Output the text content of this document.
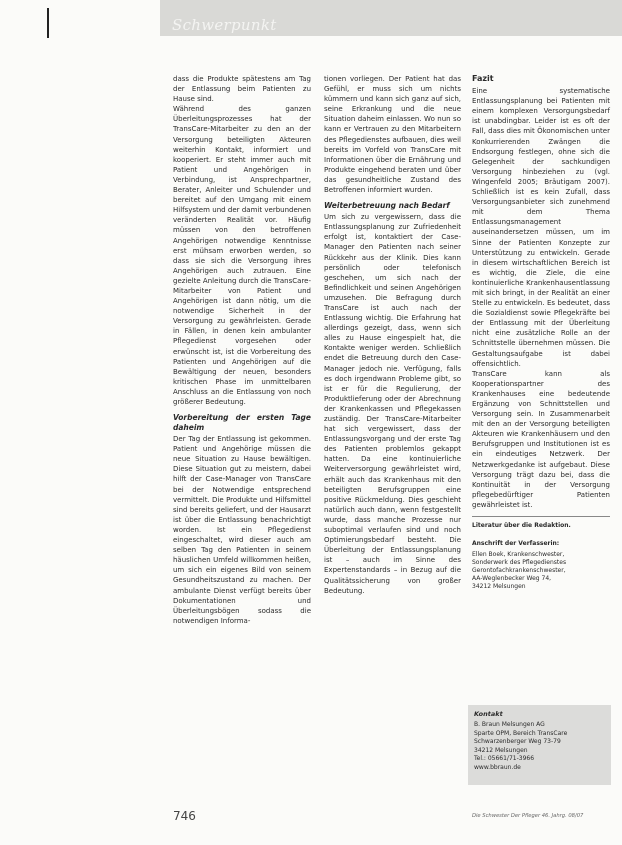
Schwerpunkt

dass die Produkte spätestens am Tag der Entlassung beim Patienten zu Hause sind.

Während des ganzen Überleitungsprozesses hat der TransCare-Mitarbeiter zu den an der Versorgung beteiligten Akteuren weiterhin Kontakt, informiert und kooperiert. Er steht immer auch mit Patient und Angehörigen in Verbindung, ist Ansprechpartner, Berater, Anleiter und Schulender und bereitet auf den Umgang mit einem Hilfsystem und der damit verbundenen veränderten Realität vor. Häufig müssen von den betroffenen Angehörigen notwendige Kenntnisse erst mühsam erworben werden, so dass sie sich die Versorgung ihres Angehörigen auch zutrauen. Eine gezielte Anleitung durch die TransCare-Mitarbeiter von Patient und Angehörigen ist dann nötig, um die notwendige Sicherheit in der Versorgung zu gewährleisten. Gerade in Fällen, in denen kein ambulanter Pflegedienst vorgesehen oder erwünscht ist, ist die Vorbereitung des Patienten und Angehörigen auf die Bewältigung der neuen, besonders kritischen Phase im unmittelbaren Anschluss an die Entlassung von noch größerer Bedeutung.

Vorbereitung der ersten Tage daheim

Der Tag der Entlassung ist gekommen. Patient und Angehörige müssen die neue Situation zu Hause bewältigen. Diese Situation gut zu meistern, dabei hilft der Case-Manager von TransCare bei der Notwendige entsprechend vermittelt. Die Produkte und Hilfsmittel sind bereits geliefert, und der Hausarzt ist über die Entlassung benachrichtigt worden. Ist ein Pflegedienst eingeschaltet, wird dieser auch am selben Tag den Patienten in seinem häuslichen Umfeld willkommen heißen, um sich ein eigenes Bild von seinem Gesundheitszustand zu machen. Der ambulante Dienst verfügt bereits über Dokumentationen und Überleitungsbögen sodass die notwendigen Informa-

tionen vorliegen. Der Patient hat das Gefühl, er muss sich um nichts kümmern und kann sich ganz auf sich, seine Erkrankung und die neue Situation daheim einlassen. Wo nun so kann er Vertrauen zu den Mitarbeitern des Pflegedienstes aufbauen, dies weil bereits im Vorfeld von TransCare mit Informationen über die Ernährung und Produkte eingehend beraten und über das gesundheitliche Zustand des Betroffenen informiert wurden.

Weiterbetreuung nach Bedarf

Um sich zu vergewissern, dass die Entlassungsplanung zur Zufriedenheit erfolgt ist, kontaktiert der Case-Manager den Patienten nach seiner Rückkehr aus der Klinik. Dies kann persönlich oder telefonisch geschehen, um sich nach der Befindlichkeit und seinen Angehörigen umzusehen. Die Befragung durch TransCare ist auch nach der Entlassung wichtig. Die Erfahrung hat allerdings gezeigt, dass, wenn sich alles zu Hause eingespielt hat, die Kontakte weniger werden. Schließlich endet die Betreuung durch den Case-Manager jedoch nie. Verfügung, falls es doch irgendwann Probleme gibt, so ist er für die Regulierung, der Produktlieferung oder der Abrechnung der Krankenkassen und Pflegekassen zuständig. Der TransCare-Mitarbeiter hat sich vergewissert, dass der Entlassungsvorgang und der erste Tag des Patienten problemlos gekappt hatten. Da eine kontinuierliche Weiterversorgung gewährleistet wird, erhält auch das Krankenhaus mit den beteiligten Berufsgruppen eine positive Rückmeldung. Dies geschieht natürlich auch dann, wenn festgestellt wurde, dass manche Prozesse nur suboptimal verlaufen sind und noch Optimierungsbedarf besteht. Die Überleitung der Entlassungsplanung ist – auch im Sinne des Expertenstandards – in Bezug auf die Qualitätssicherung von großer Bedeutung.

Fazit

Eine systematische Entlassungsplanung bei Patienten mit einem komplexen Versorgungsbedarf ist unabdingbar. Leider ist es oft der Fall, dass dies mit Ökonomischen unter Konkurrierenden Zwängen die Endsorgung festlegen, ohne sich die Gelegenheit der sachkundigen Versorgung hinbeziehen zu (vgl. Wingenfeld 2005; Bräutigam 2007). Schließlich ist es kein Zufall, dass Versorgungsanbieter sich zunehmend mit dem Thema Entlassungsmanagement auseinandersetzen müssen, um im Sinne der Patienten Konzepte zur Unterstützung zu entwickeln. Gerade in diesem wirtschaftlichen Bereich ist es wichtig, die Ziele, die eine kontinuierliche Krankenhausentlassung mit sich bringt, in der Realität an einer Stelle zu entwickeln. Es bedeutet, dass die Sozialdienst sowie Pflegekräfte bei der Entlassung mit der Überleitung nicht eine zusätzliche Rolle an der Schnittstelle übernehmen müssen. Die Gestaltungsaufgabe ist dabei offensichtlich.

TransCare kann als Kooperationspartner des Krankenhauses eine bedeutende Ergänzung von Schnittstellen und Versorgung sein. In Zusammenarbeit mit den an der Versorgung beteiligten Akteuren wie Krankenhäusern und den Berufsgruppen und Institutionen ist es ein eindeutiges Netzwerk. Der Netzwerkgedanke ist aufgebaut. Diese Versorgung trägt dazu bei, dass die Kontinuität in der Versorgung pflegebedürftiger Patienten gewährleistet ist.

Literatur über die Redaktion.

Anschrift der Verfasserin:

Ellen Boek, Krankenschwester,

Sonderwerk des Pflegedienstes

Gerontofachkrankenschwester,

AA-Weglenbecker Weg 74,

34212 Melsungen

Kontakt

B. Braun Melsungen AG

Sparte OPM, Bereich TransCare

Schwarzenberger Weg 73-79

34212 Melsungen

Tel.: 05661/71-3966

www.bbraun.de

746	Die Schwester Der Pfleger 46. Jahrg. 08/07
